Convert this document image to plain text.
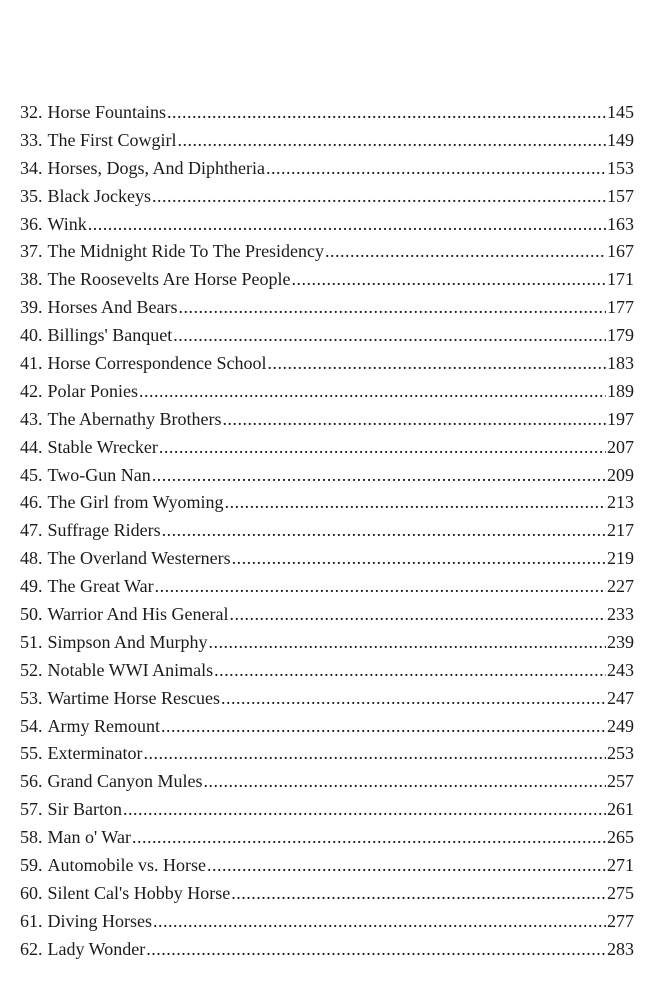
32. Horse Fountains .....	145
33. The First Cowgirl .....	149
34. Horses, Dogs, And Diphtheria .....	153
35. Black Jockeys .....	157
36. Wink .....	163
37. The Midnight Ride To The Presidency .....	167
38. The Roosevelts Are Horse People .....	171
39. Horses And Bears .....	177
40. Billings' Banquet .....	179
41. Horse Correspondence School .....	183
42. Polar Ponies .....	189
43. The Abernathy Brothers .....	197
44. Stable Wrecker .....	207
45. Two-Gun Nan .....	209
46. The Girl from Wyoming .....	213
47. Suffrage Riders .....	217
48. The Overland Westerners .....	219
49. The Great War .....	227
50. Warrior And His General .....	233
51. Simpson And Murphy .....	239
52. Notable WWI Animals .....	243
53. Wartime Horse Rescues .....	247
54. Army Remount .....	249
55. Exterminator .....	253
56. Grand Canyon Mules .....	257
57. Sir Barton .....	261
58. Man o' War .....	265
59. Automobile vs. Horse .....	271
60. Silent Cal's Hobby Horse .....	275
61. Diving Horses .....	277
62. Lady Wonder .....	283
